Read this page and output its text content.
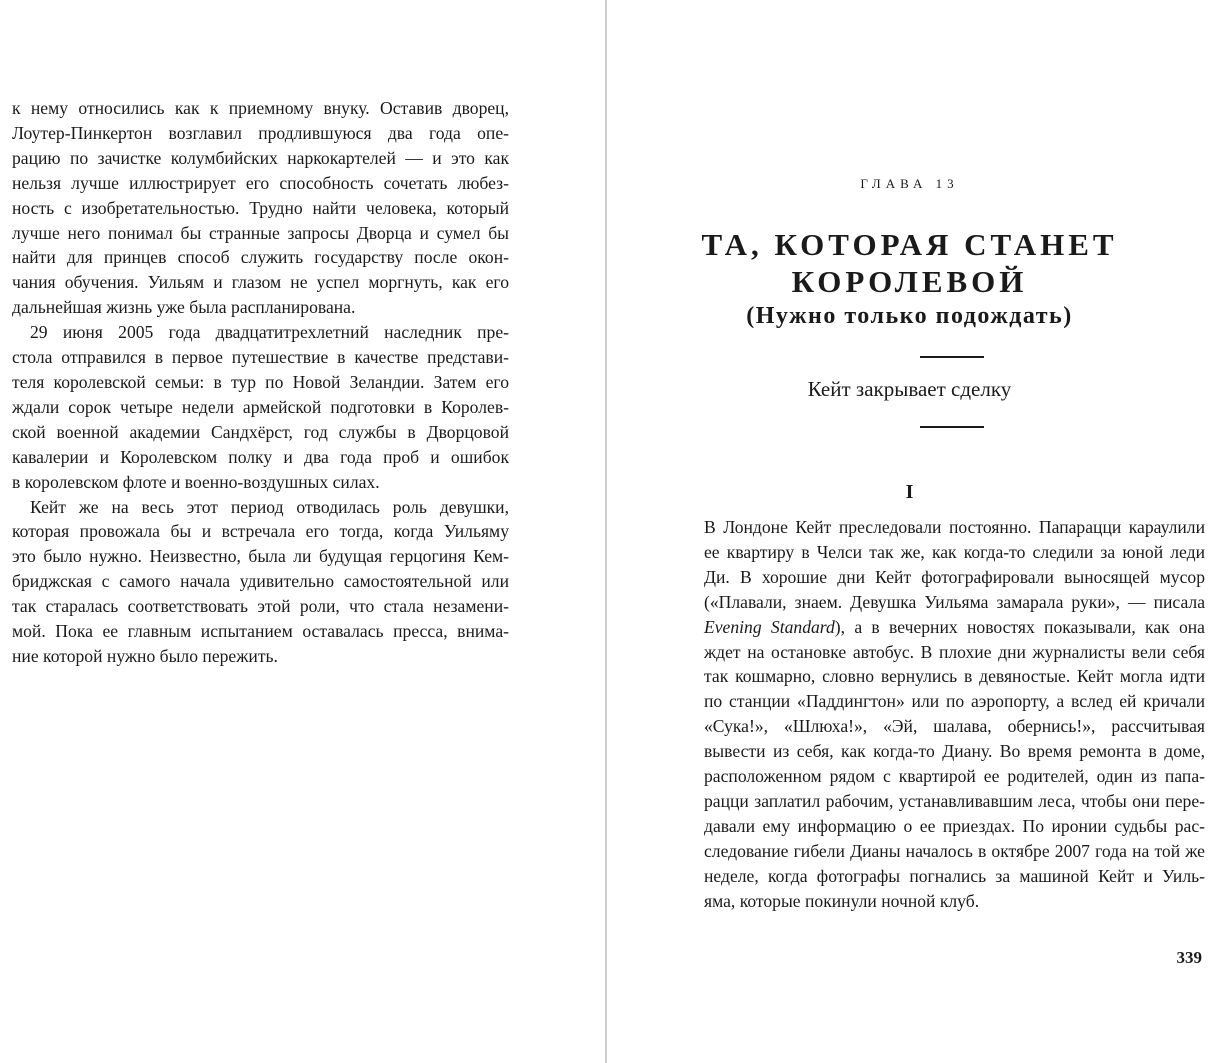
к нему относились как к приемному внуку. Оставив дворец,
Лоутер-Пинкертон возглавил продлившуюся два года опе-
рацию по зачистке колумбийских наркокартелей — и это как
нельзя лучше иллюстрирует его способность сочетать любез-
ность с изобретательностью. Трудно найти человека, который
лучше него понимал бы странные запросы Дворца и сумел бы
найти для принцев способ служить государству после окон-
чания обучения. Уильям и глазом не успел моргнуть, как его
дальнейшая жизнь уже была распланирована.
29 июня 2005 года двадцатитрехлетний наследник пре-
стола отправился в первое путешествие в качестве представи-
теля королевской семьи: в тур по Новой Зеландии. Затем его
ждали сорок четыре недели армейской подготовки в Королев-
ской военной академии Сандхёрст, год службы в Дворцовой
кавалерии и Королевском полку и два года проб и ошибок
в королевском флоте и военно-воздушных силах.
Кейт же на весь этот период отводилась роль девушки,
которая провожала бы и встречала его тогда, когда Уильяму
это было нужно. Неизвестно, была ли будущая герцогиня Кем-
бриджская с самого начала удивительно самостоятельной или
так старалась соответствовать этой роли, что стала незамени-
мой. Пока ее главным испытанием оставалась пресса, внима-
ние которой нужно было пережить.
ГЛАВА 13
ТА, КОТОРАЯ СТАНЕТ
КОРОЛЕВОЙ
(Нужно только подождать)
Кейт закрывает сделку
I
В Лондоне Кейт преследовали постоянно. Папарацци караулили
ее квартиру в Челси так же, как когда-то следили за юной леди
Ди. В хорошие дни Кейт фотографировали выносящей мусор
(«Плавали, знаем. Девушка Уильяма замарала руки», — писала
Evening Standard), а в вечерних новостях показывали, как она
ждет на остановке автобус. В плохие дни журналисты вели себя
так кошмарно, словно вернулись в девяностые. Кейт могла идти
по станции «Паддингтон» или по аэропорту, а вслед ей кричали
«Сука!», «Шлюха!», «Эй, шалава, обернись!», рассчитывая
вывести из себя, как когда-то Диану. Во время ремонта в доме,
расположенном рядом с квартирой ее родителей, один из папа-
рацци заплатил рабочим, устанавливавшим леса, чтобы они пере-
давали ему информацию о ее приездах. По иронии судьбы рас-
следование гибели Дианы началось в октябре 2007 года на той же
неделе, когда фотографы погнались за машиной Кейт и Уиль-
яма, которые покинули ночной клуб.
339
